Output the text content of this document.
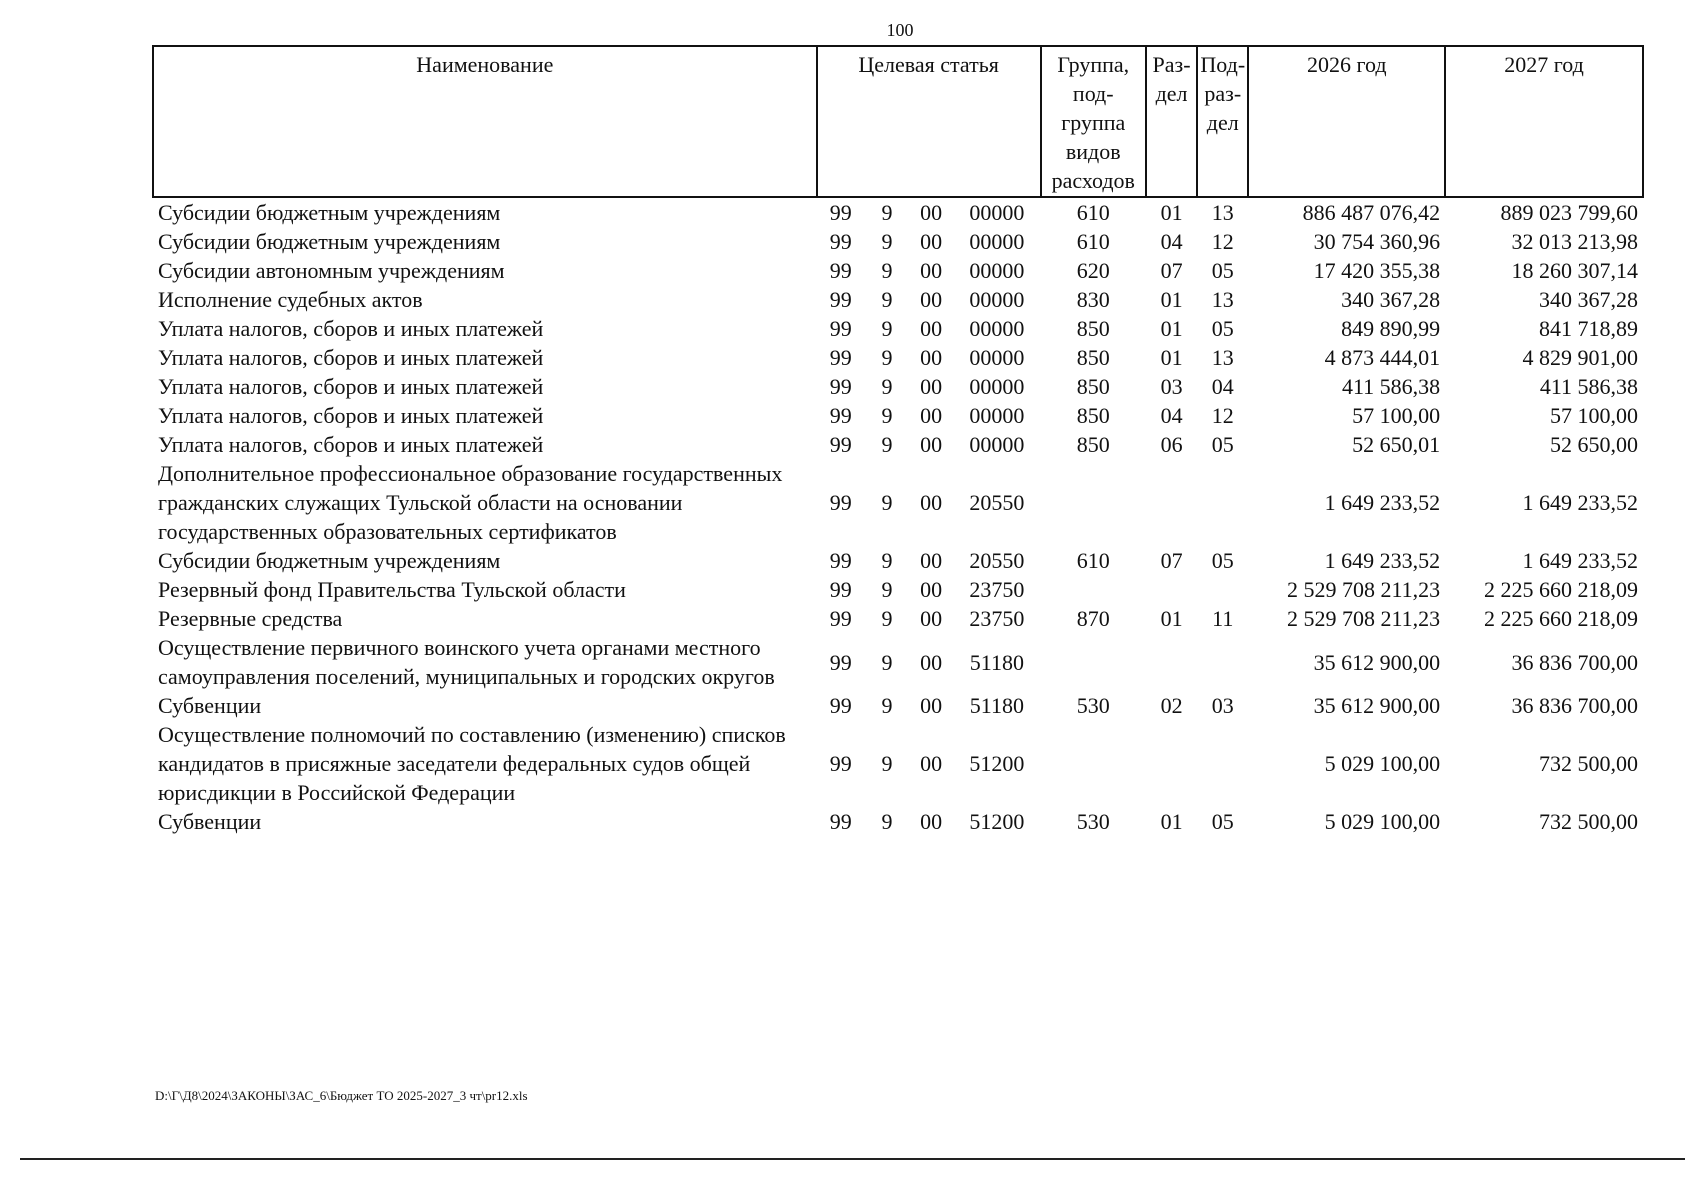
100
Наименование	Целевая статья				Группа, под- группа видов расходов	Раз- дел	Под- раз- дел	2026 год	2027 год
Субсидии бюджетным учреждениям	99	9	00	00000	610	01	13	886 487 076,42	889 023 799,60
Субсидии бюджетным учреждениям	99	9	00	00000	610	04	12	30 754 360,96	32 013 213,98
Субсидии автономным учреждениям	99	9	00	00000	620	07	05	17 420 355,38	18 260 307,14
Исполнение судебных актов	99	9	00	00000	830	01	13	340 367,28	340 367,28
Уплата налогов, сборов и иных платежей	99	9	00	00000	850	01	05	849 890,99	841 718,89
Уплата налогов, сборов и иных платежей	99	9	00	00000	850	01	13	4 873 444,01	4 829 901,00
Уплата налогов, сборов и иных платежей	99	9	00	00000	850	03	04	411 586,38	411 586,38
Уплата налогов, сборов и иных платежей	99	9	00	00000	850	04	12	57 100,00	57 100,00
Уплата налогов, сборов и иных платежей	99	9	00	00000	850	06	05	52 650,01	52 650,00
Дополнительное профессиональное образование государственных гражданских служащих Тульской области на основании государственных образовательных сертификатов	99	9	00	20550				1 649 233,52	1 649 233,52
Субсидии бюджетным учреждениям	99	9	00	20550	610	07	05	1 649 233,52	1 649 233,52
Резервный фонд Правительства Тульской области	99	9	00	23750				2 529 708 211,23	2 225 660 218,09
Резервные средства	99	9	00	23750	870	01	11	2 529 708 211,23	2 225 660 218,09
Осуществление первичного воинского учета органами местного самоуправления поселений, муниципальных и городских округов	99	9	00	51180				35 612 900,00	36 836 700,00
Субвенции	99	9	00	51180	530	02	03	35 612 900,00	36 836 700,00
Осуществление полномочий по составлению (изменению) списков кандидатов в присяжные заседатели федеральных судов общей юрисдикции в Российской Федерации	99	9	00	51200				5 029 100,00	732 500,00
Субвенции	99	9	00	51200	530	01	05	5 029 100,00	732 500,00
D:\Г\Д8\2024\ЗАКОНЫ\ЗАС_6\Бюджет ТО 2025-2027_3 чт\pr12.xls
